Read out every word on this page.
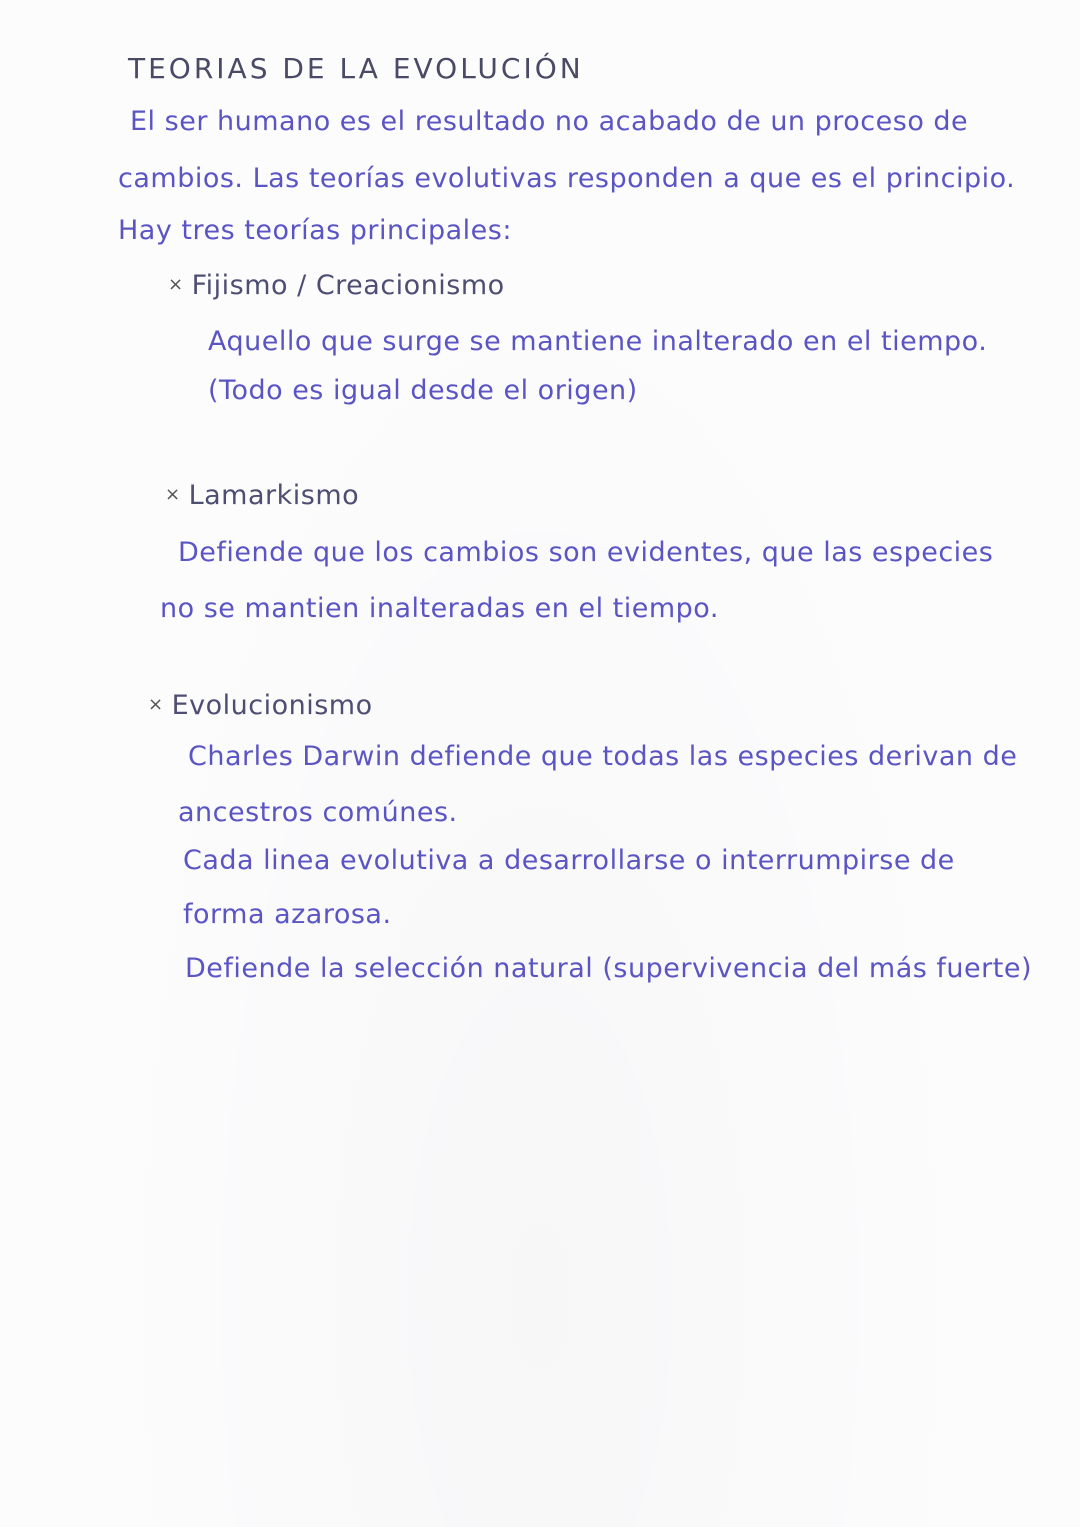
TEORIAS DE LA EVOLUCIÓN
El ser humano es el resultado no acabado de un proceso de
cambios. Las teorías evolutivas responden a que es el principio.
Hay tres teorías principales:
× Fijismo / Creacionismo
Aquello que surge se mantiene inalterado en el tiempo.
(Todo es igual desde el origen)
× Lamarkismo
Defiende que los cambios son evidentes, que las especies
no se mantien inalteradas en el tiempo.
× Evolucionismo
Charles Darwin defiende que todas las especies derivan de
ancestros comúnes.
Cada linea evolutiva a desarrollarse o interrumpirse de
forma azarosa.
Defiende la selección natural (supervivencia del más fuerte)
